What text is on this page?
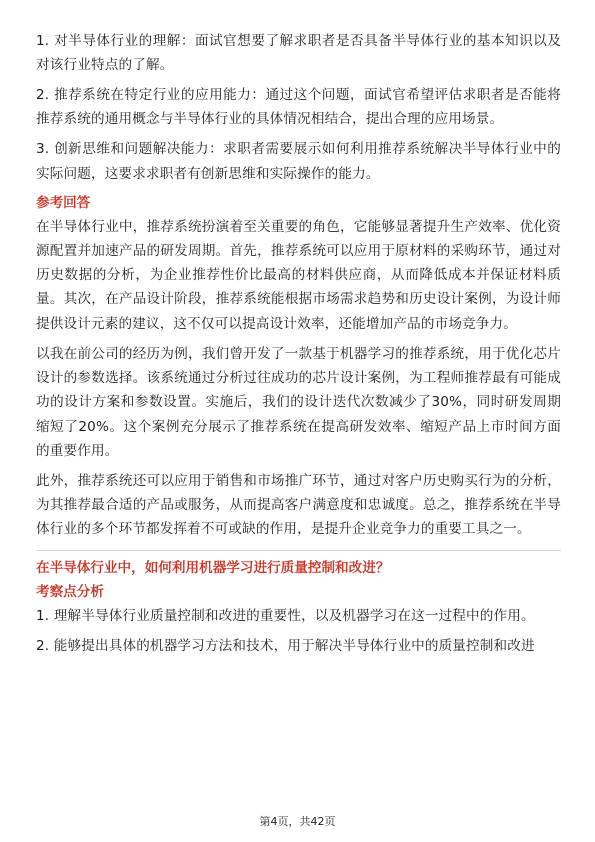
1. 对半导体行业的理解：面试官想要了解求职者是否具备半导体行业的基本知识以及对该行业特点的了解。

2. 推荐系统在特定行业的应用能力：通过这个问题，面试官希望评估求职者是否能将推荐系统的通用概念与半导体行业的具体情况相结合，提出合理的应用场景。

3. 创新思维和问题解决能力：求职者需要展示如何利用推荐系统解决半导体行业中的实际问题，这要求求职者有创新思维和实际操作的能力。

参考回答

在半导体行业中，推荐系统扮演着至关重要的角色，它能够显著提升生产效率、优化资源配置并加速产品的研发周期。首先，推荐系统可以应用于原材料的采购环节，通过对历史数据的分析，为企业推荐性价比最高的材料供应商，从而降低成本并保证材料质量。其次，在产品设计阶段，推荐系统能根据市场需求趋势和历史设计案例，为设计师提供设计元素的建议，这不仅可以提高设计效率，还能增加产品的市场竞争力。

以我在前公司的经历为例，我们曾开发了一款基于机器学习的推荐系统，用于优化芯片设计的参数选择。该系统通过分析过往成功的芯片设计案例，为工程师推荐最有可能成功的设计方案和参数设置。实施后，我们的设计迭代次数减少了30%，同时研发周期缩短了20%。这个案例充分展示了推荐系统在提高研发效率、缩短产品上市时间方面的重要作用。

此外，推荐系统还可以应用于销售和市场推广环节，通过对客户历史购买行为的分析，为其推荐最合适的产品或服务，从而提高客户满意度和忠诚度。总之，推荐系统在半导体行业的多个环节都发挥着不可或缺的作用，是提升企业竞争力的重要工具之一。

在半导体行业中，如何利用机器学习进行质量控制和改进？
考察点分析

1. 理解半导体行业质量控制和改进的重要性，以及机器学习在这一过程中的作用。

2. 能够提出具体的机器学习方法和技术，用于解决半导体行业中的质量控制和改进

第4页，共42页
